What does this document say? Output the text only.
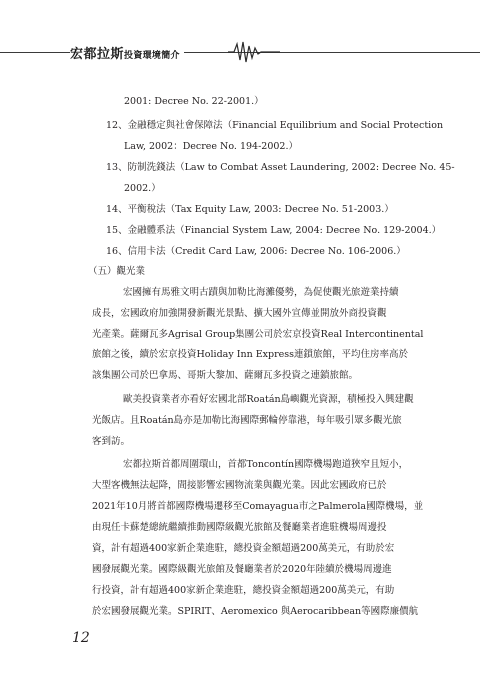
宏都拉斯投資環境簡介
2001: Decree No. 22-2001.）
12、金融穩定與社會保障法（Financial Equilibrium and Social Protection
Law, 2002：Decree No. 194-2002.）
13、防制洗錢法（Law to Combat Asset Laundering, 2002: Decree No. 45-
2002.）
14、平衡稅法（Tax Equity Law, 2003: Decree No. 51-2003.）
15、金融體系法（Financial System Law, 2004: Decree No. 129-2004.）
16、信用卡法（Credit Card Law, 2006: Decree No. 106-2006.）
（五）觀光業
宏國擁有馬雅文明古蹟與加勒比海灘優勢，為促使觀光旅遊業持續
成長，宏國政府加強開發新觀光景點、擴大國外宣傳並開放外商投資觀
光產業。薩爾瓦多Agrisal Group集團公司於宏京投資Real Intercontinental
旅館之後，續於宏京投資Holiday Inn Express連鎖旅館，平均住房率高於
該集團公司於巴拿馬、哥斯大黎加、薩爾瓦多投資之連鎖旅館。
歐美投資業者亦看好宏國北部Roatán島嶼觀光資源，積極投入興建觀
光飯店。且Roatán島亦是加勒比海國際郵輪停靠港，每年吸引眾多觀光旅
客到訪。
宏都拉斯首都周圍環山，首都Toncontín國際機場跑道狹窄且短小，
大型客機無法起降，間接影響宏國物流業與觀光業。因此宏國政府已於
2021年10月將首都國際機場遷移至Comayagua市之Palmerola國際機場，並
由現任卡蘇楚總統繼續推動國際級觀光旅館及餐廳業者進駐機場周邊投
資，計有超過400家新企業進駐，總投資金額超過200萬美元，有助於宏
國發展觀光業。國際級觀光旅館及餐廳業者於2020年陸續於機場周邊進
行投資，計有超過400家新企業進駐，總投資金額超過200萬美元，有助
於宏國發展觀光業。SPIRIT、Aeromexico 與Aerocaribbean等國際廉價航
12
